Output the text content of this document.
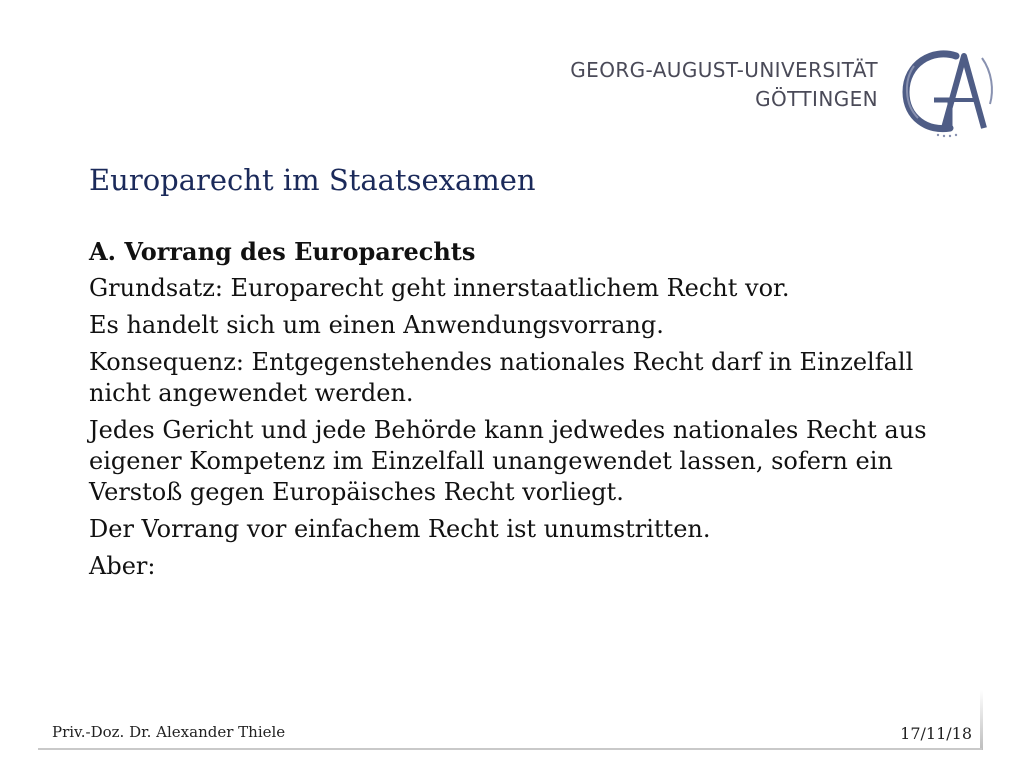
GEORG-AUGUST-UNIVERSITÄT
GÖTTINGEN
Europarecht im Staatsexamen

A. Vorrang des Europarechts

Grundsatz: Europarecht geht innerstaatlichem Recht vor.

Es handelt sich um einen Anwendungsvorrang.

Konsequenz: Entgegenstehendes nationales Recht darf in Einzelfall nicht angewendet werden.

Jedes Gericht und jede Behörde kann jedwedes nationales Recht aus eigener Kompetenz im Einzelfall unangewendet lassen, sofern ein Verstoß gegen Europäisches Recht vorliegt.

Der Vorrang vor einfachem Recht ist unumstritten.

Aber:

Priv.-Doz. Dr. Alexander Thiele	17/11/18
